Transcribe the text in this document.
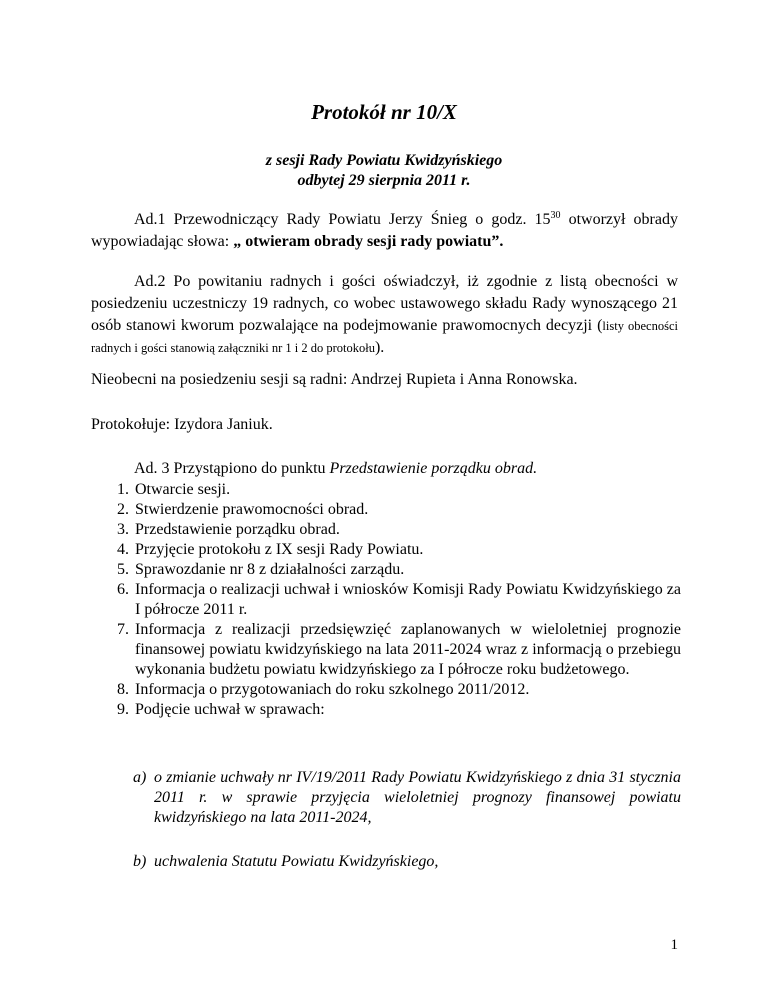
Protokół nr 10/X
z sesji Rady Powiatu Kwidzyńskiego
odbytej 29 sierpnia 2011 r.

Ad.1 Przewodniczący Rady Powiatu Jerzy Śnieg o godz. $15^{30}$ otworzył obrady wypowiadając słowa: „ otwieram obrady sesji rady powiatu”.

Ad.2 Po powitaniu radnych i gości oświadczył, iż zgodnie z listą obecności w posiedzeniu uczestniczy 19 radnych, co wobec ustawowego składu Rady wynoszącego 21 osób stanowi kworum pozwalające na podejmowanie prawomocnych decyzji (listy obecności radnych i gości stanowią załączniki nr 1 i 2 do protokołu).

Nieobecni na posiedzeniu sesji są radni: Andrzej Rupieta i Anna Ronowska.

Protokołuje: Izydora Janiuk.

Ad. 3 Przystąpiono do punktu Przedstawienie porządku obrad.

1. Otwarcie sesji.
2. Stwierdzenie prawomocności obrad.
3. Przedstawienie porządku obrad.
4. Przyjęcie protokołu z IX sesji Rady Powiatu.
5. Sprawozdanie nr 8 z działalności zarządu.
6. Informacja o realizacji uchwał i wniosków Komisji Rady Powiatu Kwidzyńskiego za I półrocze 2011 r.
7. Informacja z realizacji przedsięwzięć zaplanowanych w wieloletniej prognozie finansowej powiatu kwidzyńskiego na lata 2011-2024 wraz z informacją o przebiegu wykonania budżetu powiatu kwidzyńskiego za I półrocze roku budżetowego.
8. Informacja o przygotowaniach do roku szkolnego 2011/2012.
9. Podjęcie uchwał w sprawach:
a) o zmianie uchwały nr IV/19/2011 Rady Powiatu Kwidzyńskiego z dnia 31 stycznia 2011 r. w sprawie przyjęcia wieloletniej prognozy finansowej powiatu kwidzyńskiego na lata 2011-2024,
b) uchwalenia Statutu Powiatu Kwidzyńskiego,
1
